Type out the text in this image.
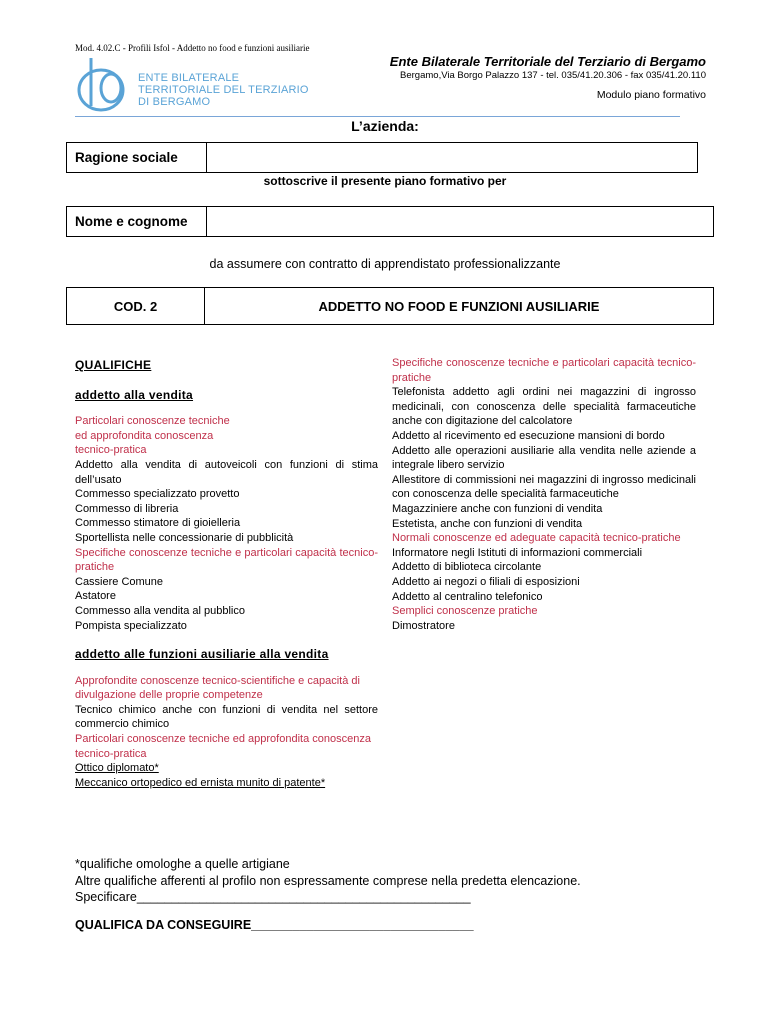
Mod. 4.02.C - Profili Isfol - Addetto no food e funzioni ausiliarie
ENTE BILATERALE
TERRITORIALE DEL TERZIARIO
DI BERGAMO
Ente Bilaterale Territoriale del Terziario di Bergamo
Bergamo,Via Borgo Palazzo 137 - tel. 035/41.20.306 - fax 035/41.20.110
Modulo piano formativo
L’azienda:
Ragione sociale
sottoscrive il presente piano formativo per
Nome e cognome
da assumere con contratto di apprendistato professionalizzante
COD. 2	ADDETTO NO FOOD E FUNZIONI AUSILIARIE
QUALIFICHE
addetto alla vendita
Particolari conoscenze tecniche
ed approfondita conoscenza
tecnico-pratica
Addetto alla vendita di autoveicoli con funzioni di stima dell’usato
Commesso specializzato provetto
Commesso di libreria
Commesso stimatore di gioielleria
Sportellista nelle concessionarie di pubblicità
Specifiche conoscenze tecniche e particolari capacità tecnico-pratiche
Cassiere Comune
Astatore
Commesso alla vendita al pubblico
Pompista specializzato
addetto alle funzioni ausiliarie alla vendita
Approfondite conoscenze tecnico-scientifiche e capacità di divulgazione delle proprie competenze
Tecnico chimico anche con funzioni di vendita nel settore commercio chimico
Particolari conoscenze tecniche ed approfondita conoscenza tecnico-pratica
Ottico diplomato*
Meccanico ortopedico ed ernista munito di patente*
Specifiche conoscenze tecniche e particolari capacità tecnico- pratiche
Telefonista addetto agli ordini nei magazzini di ingrosso medicinali, con conoscenza delle specialità farmaceutiche anche con digitazione del calcolatore
Addetto al ricevimento ed esecuzione mansioni di bordo
Addetto alle operazioni ausiliarie alla vendita nelle aziende a integrale libero servizio
Allestitore di commissioni nei magazzini di ingrosso medicinali con conoscenza delle specialità farmaceutiche
Magazziniere anche con funzioni di vendita
Estetista, anche con funzioni di vendita
Normali conoscenze ed adeguate capacità tecnico-pratiche
Informatore negli Istituti di informazioni commerciali
Addetto di biblioteca circolante
Addetto ai negozi o filiali di esposizioni
Addetto al centralino telefonico
Semplici conoscenze pratiche
Dimostratore
*qualifiche omologhe a quelle artigiane
Altre qualifiche afferenti al profilo non espressamente comprese nella predetta elencazione.
Specificare________________________________________________
QUALIFICA DA CONSEGUIRE________________________________
